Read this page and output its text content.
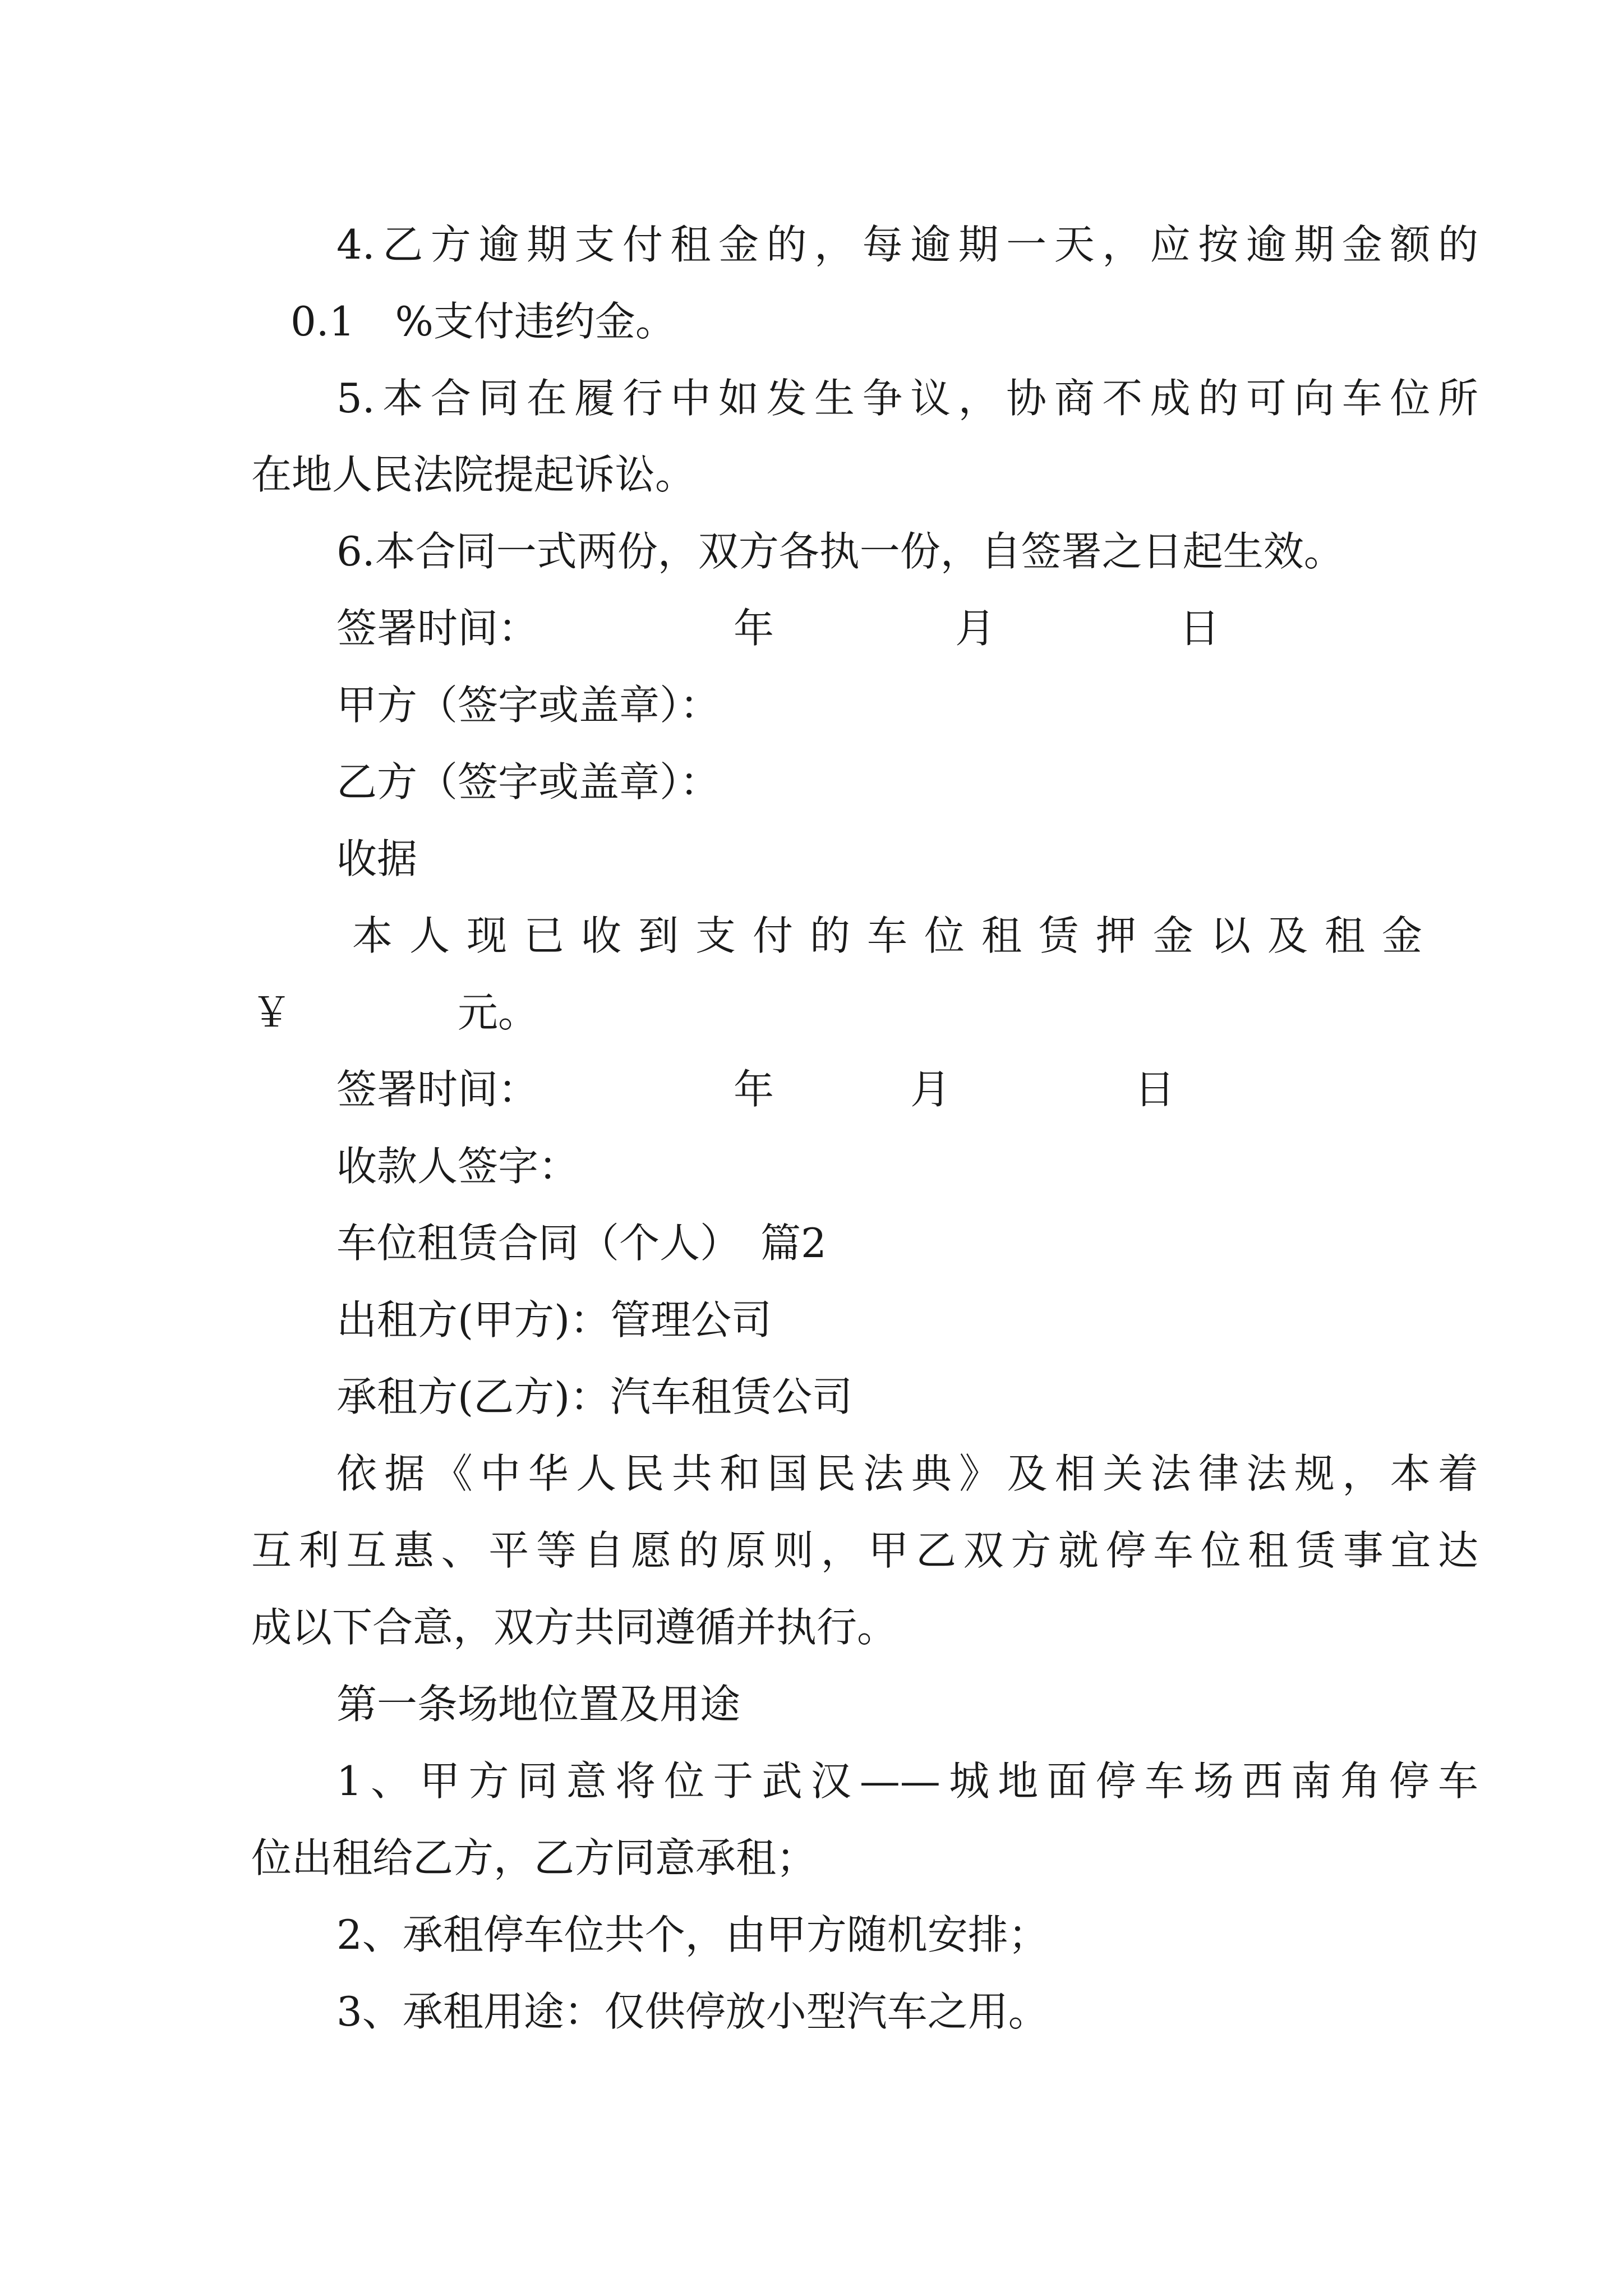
4.乙方逾期支付租金的，每逾期一天，应按逾期金额的
0.1　%支付违约金。
5.本合同在履行中如发生争议，协商不成的可向车位所
在地人民法院提起诉讼。
6.本合同一式两份，双方各执一份，自签署之日起生效。
签署时间：	年	月	日
甲方（签字或盖章）：
乙方（签字或盖章）：
收据
本人现已收到支付的车位租赁押金以及租金
￥	元。
签署时间：	年	月	日
收款人签字：
车位租赁合同（个人）　篇2
出租方(甲方)：管理公司
承租方(乙方)：汽车租赁公司
依据《中华人民共和国民法典》及相关法律法规，本着
互利互惠、平等自愿的原则，甲乙双方就停车位租赁事宜达
成以下合意，双方共同遵循并执行。
第一条场地位置及用途
1、甲方同意将位于武汉——城地面停车场西南角停车
位出租给乙方，乙方同意承租；
2、承租停车位共个，由甲方随机安排；
3、承租用途：仅供停放小型汽车之用。
